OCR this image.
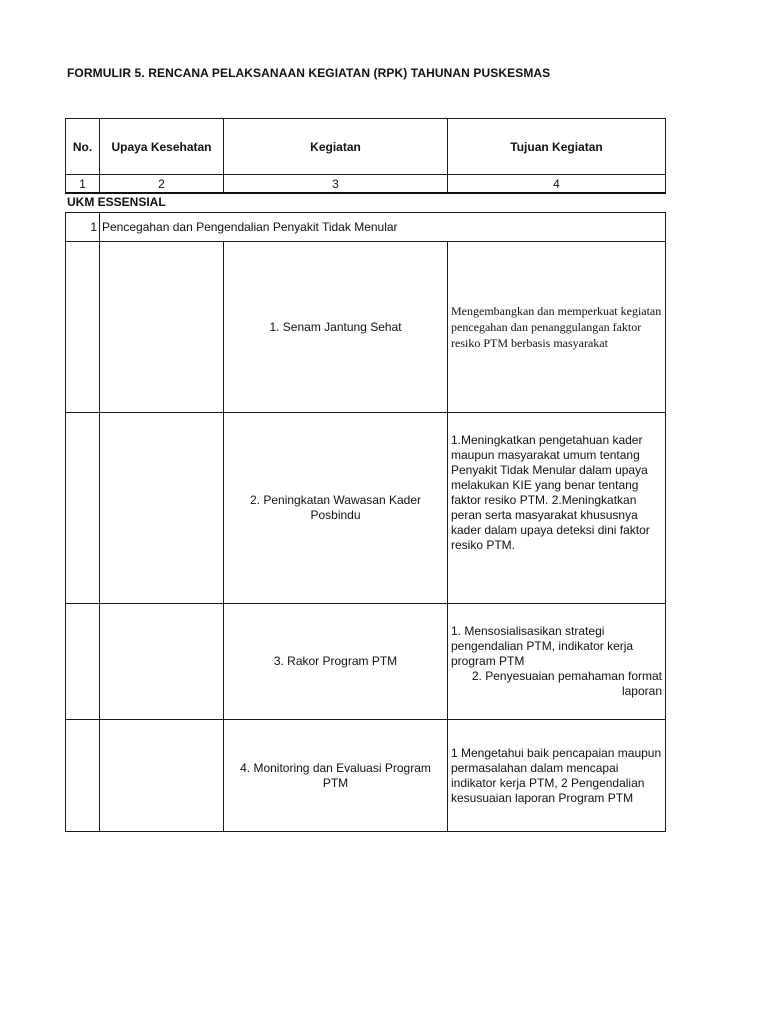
FORMULIR 5. RENCANA PELAKSANAAN KEGIATAN (RPK) TAHUNAN PUSKESMAS
No.	Upaya Kesehatan	Kegiatan	Tujuan Kegiatan
1	2	3	4
UKM ESSENSIAL
1	Pencegahan dan Pengendalian Penyakit Tidak Menular		
		1. Senam Jantung Sehat	Mengembangkan dan memperkuat kegiatan pencegahan dan penanggulangan faktor resiko PTM berbasis masyarakat
		2. Peningkatan Wawasan Kader Posbindu	1.Meningkatkan pengetahuan kader maupun masyarakat umum tentang Penyakit Tidak Menular dalam upaya melakukan KIE yang benar tentang faktor resiko PTM. 2.Meningkatkan peran serta masyarakat khususnya kader dalam upaya deteksi dini faktor resiko PTM.
		3. Rakor Program PTM	1. Mensosialisasikan strategi pengendalian PTM, indikator kerja program PTM
2. Penyesuaian pemahaman format laporan

		4. Monitoring dan Evaluasi Program PTM	1 Mengetahui baik pencapaian maupun permasalahan dalam mencapai indikator kerja PTM, 2 Pengendalian kesusuaian laporan Program PTM
